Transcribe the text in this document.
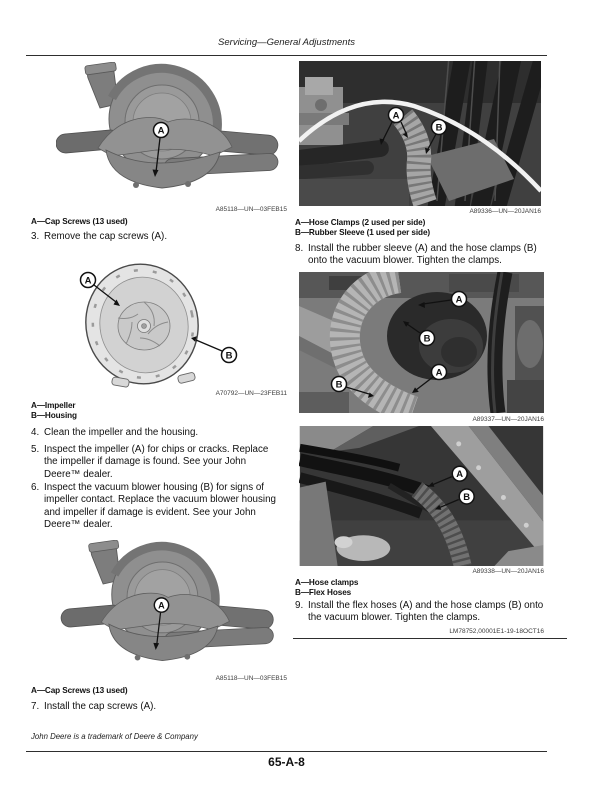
Servicing—General Adjustments
A
A85118—UN—03FEB15
A—Cap Screws (13 used)
3. Remove the cap screws (A).
A
B
A70792—UN—23FEB11
A—Impeller
B—Housing
4. Clean the impeller and the housing.
5. Inspect the impeller (A) for chips or cracks. Replace the impeller if damage is found. See your John Deere™ dealer.
6. Inspect the vacuum blower housing (B) for signs of impeller contact. Replace the vacuum blower housing and impeller if damage is evident. See your John Deere™ dealer.
A
A85118—UN—03FEB15
A—Cap Screws (13 used)
7. Install the cap screws (A).
A
B
A89336—UN—20JAN16
A—Hose Clamps (2 used per side)
B—Rubber Sleeve (1 used per side)
8. Install the rubber sleeve (A) and the hose clamps (B) onto the vacuum blower. Tighten the clamps.
A
B
B
A
A89337—UN—20JAN16
A
B
A89338—UN—20JAN16
A—Hose clamps
B—Flex Hoses
9. Install the flex hoses (A) and the hose clamps (B) onto the vacuum blower. Tighten the clamps.
LM78752,00001E1-19-18OCT16
John Deere is a trademark of Deere & Company
65-A-8
